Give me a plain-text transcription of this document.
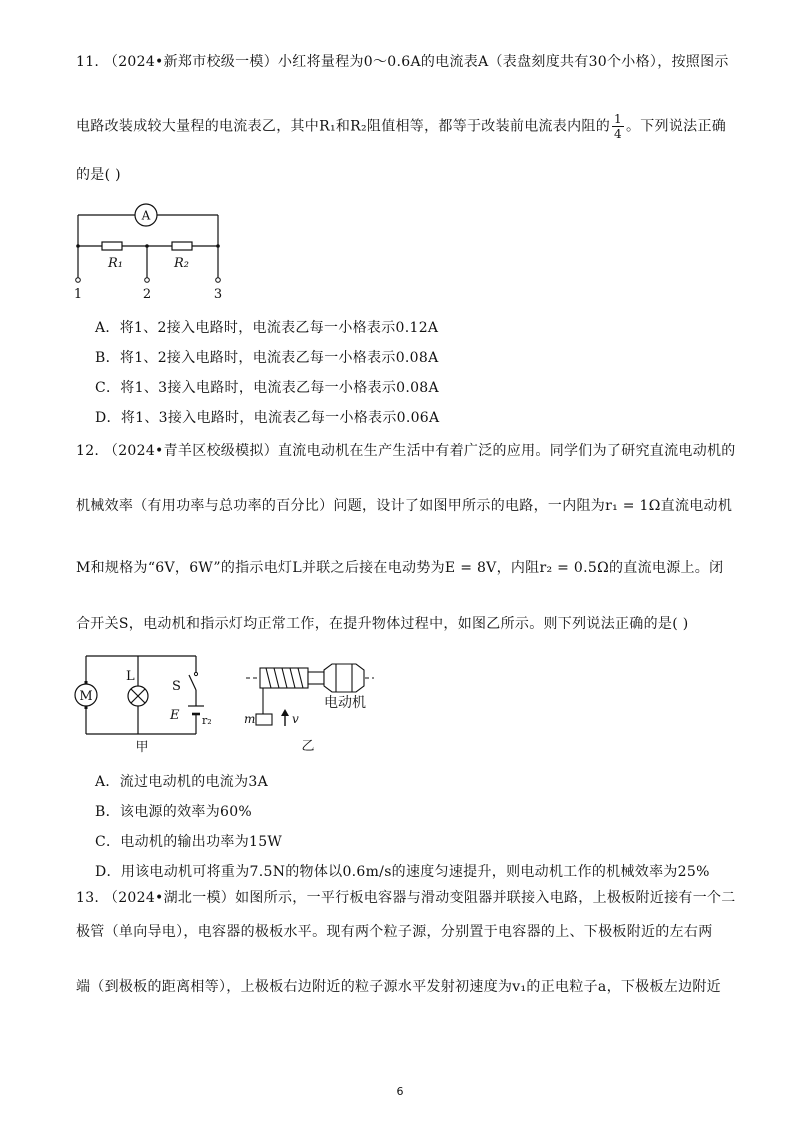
11. （2024•新郑市校级一模）小红将量程为0～0.6A的电流表A（表盘刻度共有30个小格），按照图示
电路改装成较大量程的电流表乙，其中R₁和R₂阻值相等，都等于改装前电流表内阻的 $\frac{1}{4}$ 。下列说法正确
的是( )
A
R₁	R₂
1	2	3
A．将1、2接入电路时，电流表乙每一小格表示0.12A
B．将1、2接入电路时，电流表乙每一小格表示0.08A
C．将1、3接入电路时，电流表乙每一小格表示0.08A
D．将1、3接入电路时，电流表乙每一小格表示0.06A
12. （2024•青羊区校级模拟）直流电动机在生产生活中有着广泛的应用。同学们为了研究直流电动机的
机械效率（有用功率与总功率的百分比）问题，设计了如图甲所示的电路，一内阻为r₁ = 1Ω直流电动机
M和规格为“6V，6W”的指示电灯L并联之后接在电动势为E = 8V，内阻r₂ = 0.5Ω的直流电源上。闭
合开关S，电动机和指示灯均正常工作，在提升物体过程中，如图乙所示。则下列说法正确的是( )
M
L
S
E r₂
甲
m	v
电动机
乙
A．流过电动机的电流为3A
B．该电源的效率为60%
C．电动机的输出功率为15W
D．用该电动机可将重为7.5N的物体以0.6m/s的速度匀速提升，则电动机工作的机械效率为25%
13. （2024•湖北一模）如图所示，一平行板电容器与滑动变阻器并联接入电路，上极板附近接有一个二
极管（单向导电），电容器的极板水平。现有两个粒子源，分别置于电容器的上、下极板附近的左右两
端（到极板的距离相等），上极板右边附近的粒子源水平发射初速度为v₁的正电粒子a，下极板左边附近
6
